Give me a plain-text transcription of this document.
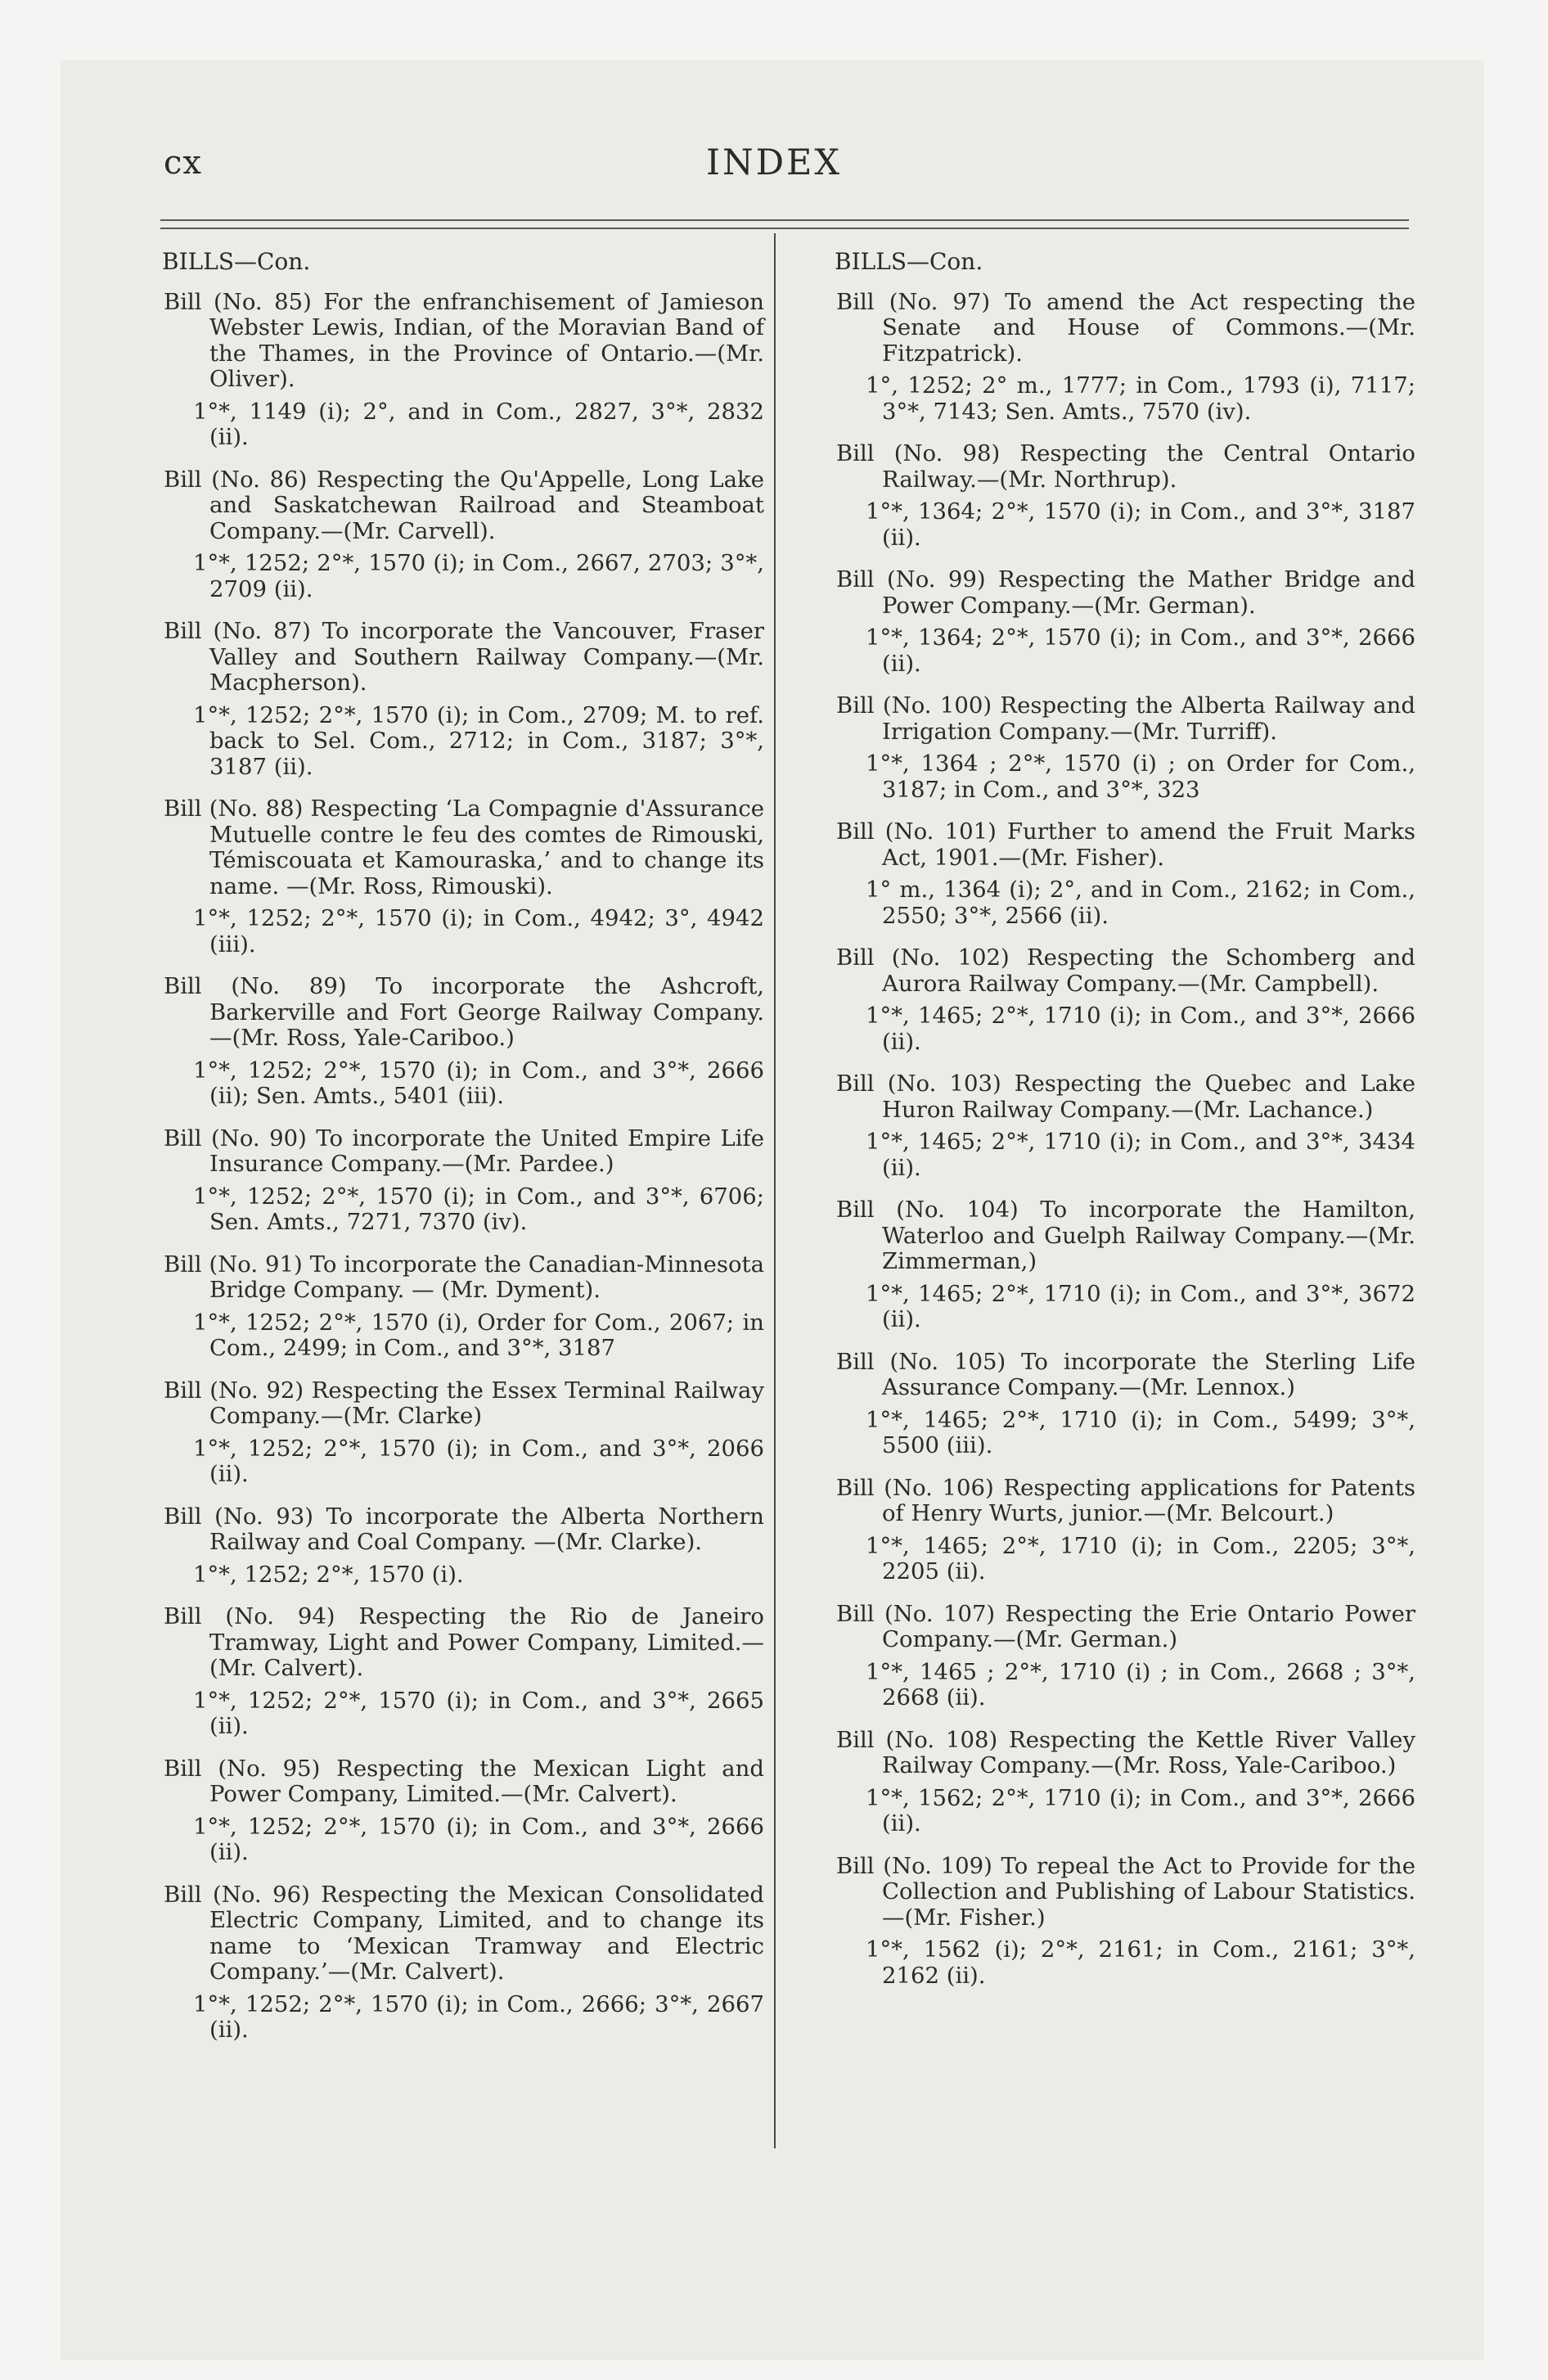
cx	INDEX
BILLS—Con.
Bill (No. 85) For the enfranchisement of Jamieson Webster Lewis, Indian, of the Moravian Band of the Thames, in the Province of Ontario.—(Mr. Oliver).
1°*, 1149 (i); 2°, and in Com., 2827, 3°*, 2832 (ii).
Bill (No. 86) Respecting the Qu'Appelle, Long Lake and Saskatchewan Railroad and Steamboat Company.—(Mr. Carvell).
1°*, 1252; 2°*, 1570 (i); in Com., 2667, 2703; 3°*, 2709 (ii).
Bill (No. 87) To incorporate the Vancouver, Fraser Valley and Southern Railway Company.—(Mr. Macpherson).
1°*, 1252; 2°*, 1570 (i); in Com., 2709; M. to ref. back to Sel. Com., 2712; in Com., 3187; 3°*, 3187 (ii).
Bill (No. 88) Respecting ‘La Compagnie d'Assurance Mutuelle contre le feu des comtes de Rimouski, Témiscouata et Kamouraska,’ and to change its name. —(Mr. Ross, Rimouski).
1°*, 1252; 2°*, 1570 (i); in Com., 4942; 3°, 4942 (iii).
Bill (No. 89) To incorporate the Ashcroft, Barkerville and Fort George Railway Company.—(Mr. Ross, Yale-Cariboo.)
1°*, 1252; 2°*, 1570 (i); in Com., and 3°*, 2666 (ii); Sen. Amts., 5401 (iii).
Bill (No. 90) To incorporate the United Empire Life Insurance Company.—(Mr. Pardee.)
1°*, 1252; 2°*, 1570 (i); in Com., and 3°*, 6706; Sen. Amts., 7271, 7370 (iv).
Bill (No. 91) To incorporate the Canadian-Minnesota Bridge Company. — (Mr. Dyment).
1°*, 1252; 2°*, 1570 (i), Order for Com., 2067; in Com., 2499; in Com., and 3°*, 3187
Bill (No. 92) Respecting the Essex Terminal Railway Company.—(Mr. Clarke)
1°*, 1252; 2°*, 1570 (i); in Com., and 3°*, 2066 (ii).
Bill (No. 93) To incorporate the Alberta Northern Railway and Coal Company. —(Mr. Clarke).
1°*, 1252; 2°*, 1570 (i).
Bill (No. 94) Respecting the Rio de Janeiro Tramway, Light and Power Company, Limited.—(Mr. Calvert).
1°*, 1252; 2°*, 1570 (i); in Com., and 3°*, 2665 (ii).
Bill (No. 95) Respecting the Mexican Light and Power Company, Limited.—(Mr. Calvert).
1°*, 1252; 2°*, 1570 (i); in Com., and 3°*, 2666 (ii).
Bill (No. 96) Respecting the Mexican Consolidated Electric Company, Limited, and to change its name to ‘Mexican Tramway and Electric Company.’—(Mr. Calvert).
1°*, 1252; 2°*, 1570 (i); in Com., 2666; 3°*, 2667 (ii).
BILLS—Con.
Bill (No. 97) To amend the Act respecting the Senate and House of Commons.—(Mr. Fitzpatrick).
1°, 1252; 2° m., 1777; in Com., 1793 (i), 7117; 3°*, 7143; Sen. Amts., 7570 (iv).
Bill (No. 98) Respecting the Central Ontario Railway.—(Mr. Northrup).
1°*, 1364; 2°*, 1570 (i); in Com., and 3°*, 3187 (ii).
Bill (No. 99) Respecting the Mather Bridge and Power Company.—(Mr. German).
1°*, 1364; 2°*, 1570 (i); in Com., and 3°*, 2666 (ii).
Bill (No. 100) Respecting the Alberta Railway and Irrigation Company.—(Mr. Turriff).
1°*, 1364 ; 2°*, 1570 (i) ; on Order for Com., 3187; in Com., and 3°*, 323
Bill (No. 101) Further to amend the Fruit Marks Act, 1901.—(Mr. Fisher).
1° m., 1364 (i); 2°, and in Com., 2162; in Com., 2550; 3°*, 2566 (ii).
Bill (No. 102) Respecting the Schomberg and Aurora Railway Company.—(Mr. Campbell).
1°*, 1465; 2°*, 1710 (i); in Com., and 3°*, 2666 (ii).
Bill (No. 103) Respecting the Quebec and Lake Huron Railway Company.—(Mr. Lachance.)
1°*, 1465; 2°*, 1710 (i); in Com., and 3°*, 3434 (ii).
Bill (No. 104) To incorporate the Hamilton, Waterloo and Guelph Railway Company.—(Mr. Zimmerman,)
1°*, 1465; 2°*, 1710 (i); in Com., and 3°*, 3672 (ii).
Bill (No. 105) To incorporate the Sterling Life Assurance Company.—(Mr. Lennox.)
1°*, 1465; 2°*, 1710 (i); in Com., 5499; 3°*, 5500 (iii).
Bill (No. 106) Respecting applications for Patents of Henry Wurts, junior.—(Mr. Belcourt.)
1°*, 1465; 2°*, 1710 (i); in Com., 2205; 3°*, 2205 (ii).
Bill (No. 107) Respecting the Erie Ontario Power Company.—(Mr. German.)
1°*, 1465 ; 2°*, 1710 (i) ; in Com., 2668 ; 3°*, 2668 (ii).
Bill (No. 108) Respecting the Kettle River Valley Railway Company.—(Mr. Ross, Yale-Cariboo.)
1°*, 1562; 2°*, 1710 (i); in Com., and 3°*, 2666 (ii).
Bill (No. 109) To repeal the Act to Provide for the Collection and Publishing of Labour Statistics.—(Mr. Fisher.)
1°*, 1562 (i); 2°*, 2161; in Com., 2161; 3°*, 2162 (ii).
